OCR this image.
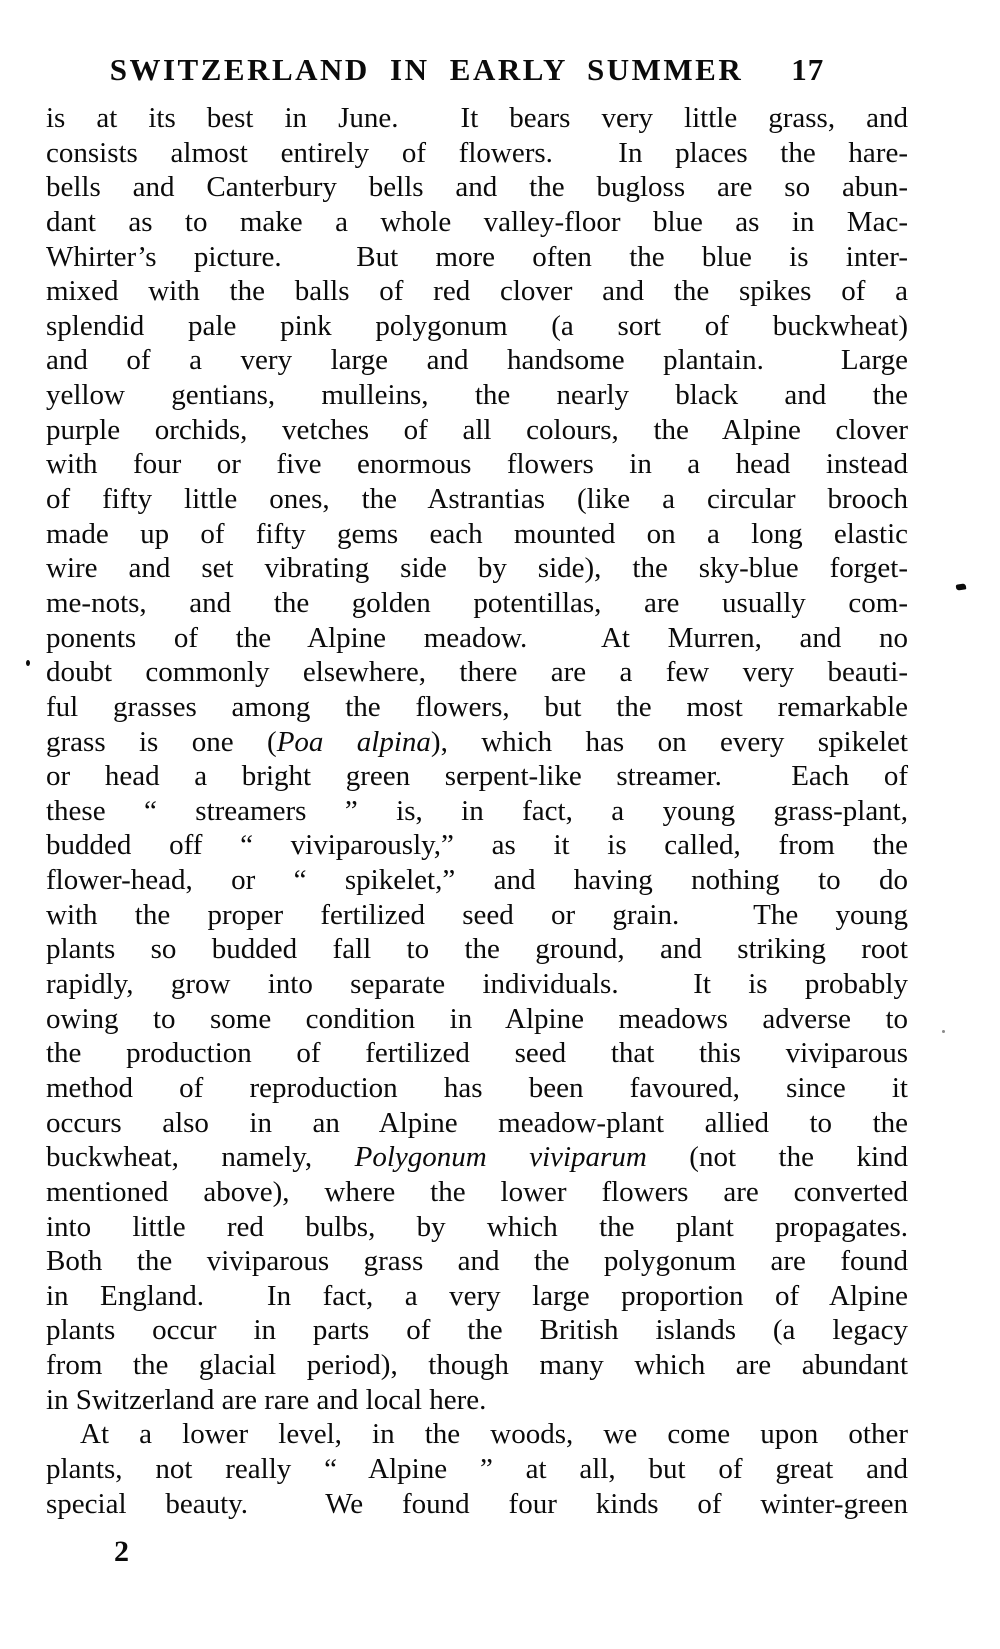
SWITZERLAND IN EARLY SUMMER 17
is at its best in June.  It bears very little grass, and
consists almost entirely of flowers.  In places the hare-
bells and Canterbury bells and the bugloss are so abun-
dant as to make a whole valley-floor blue as in Mac-
Whirter’s picture.  But more often the blue is inter-
mixed with the balls of red clover and the spikes of a
splendid pale pink polygonum (a sort of buckwheat)
and of a very large and handsome plantain.  Large
yellow gentians, mulleins, the nearly black and the
purple orchids, vetches of all colours, the Alpine clover
with four or five enormous flowers in a head instead
of fifty little ones, the Astrantias (like a circular brooch
made up of fifty gems each mounted on a long elastic
wire and set vibrating side by side), the sky-blue forget-
me-nots, and the golden potentillas, are usually com-
ponents of the Alpine meadow.  At Murren, and no
doubt commonly elsewhere, there are a few very beauti-
ful grasses among the flowers, but the most remarkable
grass is one (Poa alpina), which has on every spikelet
or head a bright green serpent-like streamer.  Each of
these “ streamers ” is, in fact, a young grass-plant,
budded off “ viviparously,” as it is called, from the
flower-head, or “ spikelet,” and having nothing to do
with the proper fertilized seed or grain.  The young
plants so budded fall to the ground, and striking root
rapidly, grow into separate individuals.  It is probably
owing to some condition in Alpine meadows adverse to
the production of fertilized seed that this viviparous
method of reproduction has been favoured, since it
occurs also in an Alpine meadow-plant allied to the
buckwheat, namely, Polygonum viviparum (not the kind
mentioned above), where the lower flowers are converted
into little red bulbs, by which the plant propagates.
Both the viviparous grass and the polygonum are found
in England.  In fact, a very large proportion of Alpine
plants occur in parts of the British islands (a legacy
from the glacial period), though many which are abundant
in Switzerland are rare and local here.
At a lower level, in the woods, we come upon other
plants, not really “ Alpine ” at all, but of great and
special beauty.  We found four kinds of winter-green
2
